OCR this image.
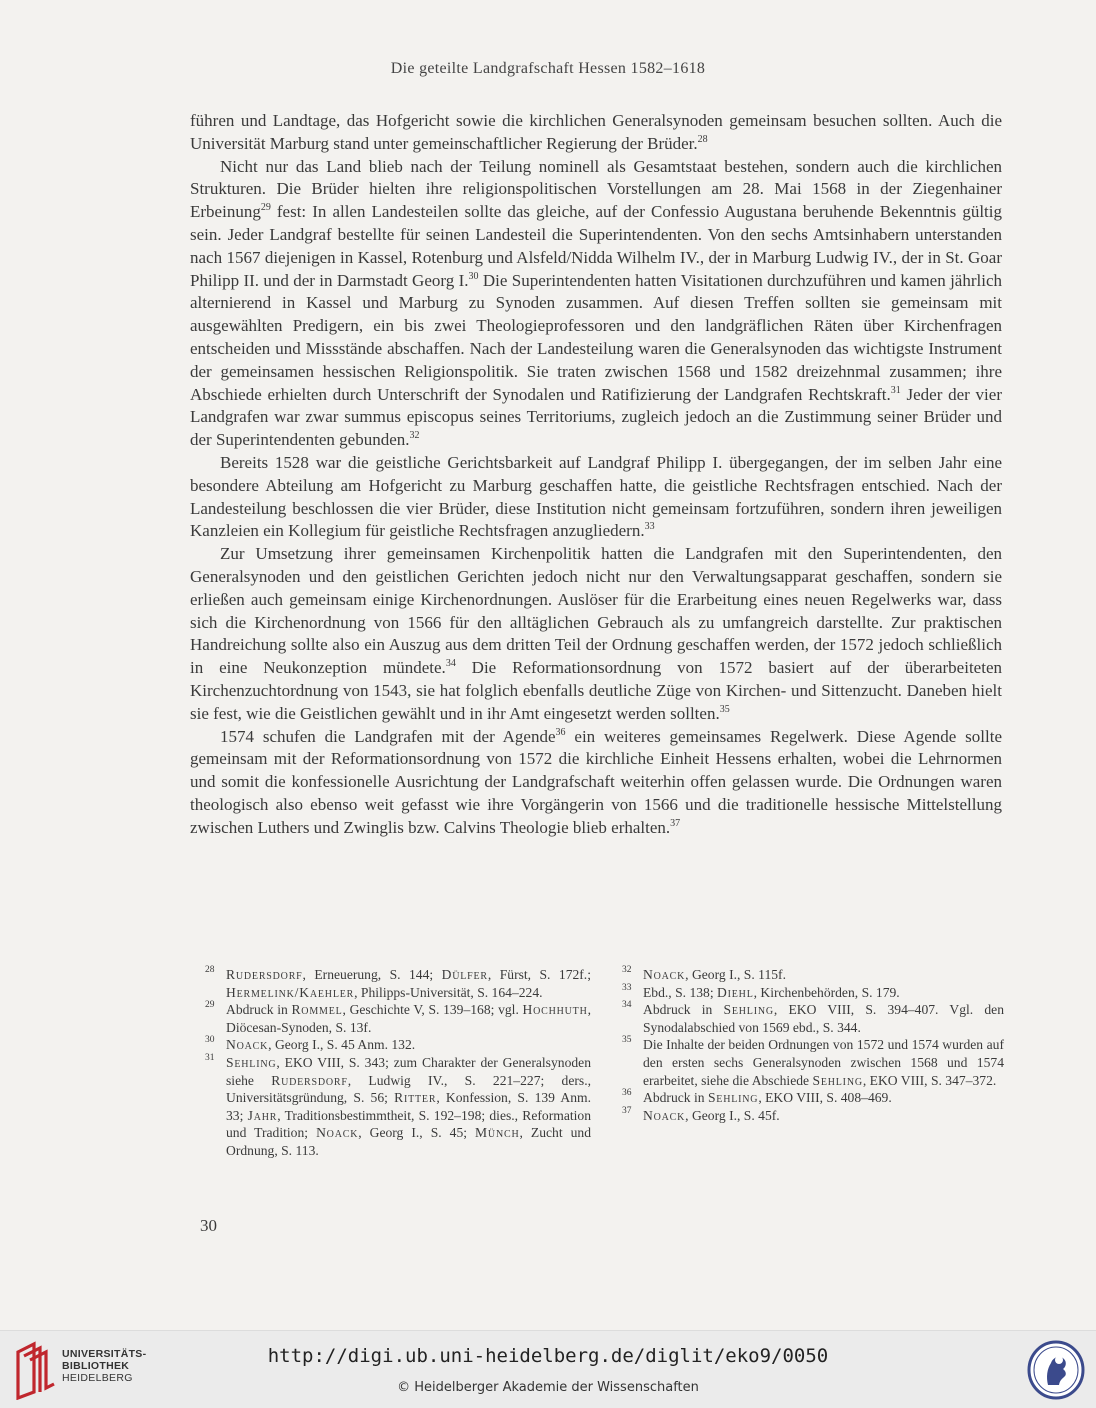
Die geteilte Landgrafschaft Hessen 1582–1618

führen und Landtage, das Hofgericht sowie die kirchlichen Generalsynoden gemeinsam besuchen sollten. Auch die Universität Marburg stand unter gemeinschaftlicher Regierung der Brüder.$^{28}$

Nicht nur das Land blieb nach der Teilung nominell als Gesamtstaat bestehen, sondern auch die kirchlichen Strukturen. Die Brüder hielten ihre religionspolitischen Vorstellungen am 28. Mai 1568 in der Ziegenhainer Erbeinung$^{29}$ fest: In allen Landesteilen sollte das gleiche, auf der Confessio Augustana beruhende Bekenntnis gültig sein. Jeder Landgraf bestellte für seinen Landesteil die Superintendenten. Von den sechs Amtsinhabern unterstanden nach 1567 diejenigen in Kassel, Rotenburg und Alsfeld/Nidda Wilhelm IV., der in Marburg Ludwig IV., der in St. Goar Philipp II. und der in Darmstadt Georg I.$^{30}$ Die Superintendenten hatten Visitationen durchzuführen und kamen jährlich alternierend in Kassel und Marburg zu Synoden zusammen. Auf diesen Treffen sollten sie gemeinsam mit ausgewählten Predigern, ein bis zwei Theologieprofessoren und den landgräflichen Räten über Kirchenfragen entscheiden und Missstände abschaffen. Nach der Landesteilung waren die Generalsynoden das wichtigste Instrument der gemeinsamen hessischen Religionspolitik. Sie traten zwischen 1568 und 1582 dreizehnmal zusammen; ihre Abschiede erhielten durch Unterschrift der Synodalen und Ratifizierung der Landgrafen Rechtskraft.$^{31}$ Jeder der vier Landgrafen war zwar summus episcopus seines Territoriums, zugleich jedoch an die Zustimmung seiner Brüder und der Superintendenten gebunden.$^{32}$

Bereits 1528 war die geistliche Gerichtsbarkeit auf Landgraf Philipp I. übergegangen, der im selben Jahr eine besondere Abteilung am Hofgericht zu Marburg geschaffen hatte, die geistliche Rechtsfragen entschied. Nach der Landesteilung beschlossen die vier Brüder, diese Institution nicht gemeinsam fortzuführen, sondern ihren jeweiligen Kanzleien ein Kollegium für geistliche Rechtsfragen anzugliedern.$^{33}$

Zur Umsetzung ihrer gemeinsamen Kirchenpolitik hatten die Landgrafen mit den Superintendenten, den Generalsynoden und den geistlichen Gerichten jedoch nicht nur den Verwaltungsapparat geschaffen, sondern sie erließen auch gemeinsam einige Kirchenordnungen. Auslöser für die Erarbeitung eines neuen Regelwerks war, dass sich die Kirchenordnung von 1566 für den alltäglichen Gebrauch als zu umfangreich darstellte. Zur praktischen Handreichung sollte also ein Auszug aus dem dritten Teil der Ordnung geschaffen werden, der 1572 jedoch schließlich in eine Neukonzeption mündete.$^{34}$ Die Reformationsordnung von 1572 basiert auf der überarbeiteten Kirchenzuchtordnung von 1543, sie hat folglich ebenfalls deutliche Züge von Kirchen- und Sittenzucht. Daneben hielt sie fest, wie die Geistlichen gewählt und in ihr Amt eingesetzt werden sollten.$^{35}$

1574 schufen die Landgrafen mit der Agende$^{36}$ ein weiteres gemeinsames Regelwerk. Diese Agende sollte gemeinsam mit der Reformationsordnung von 1572 die kirchliche Einheit Hessens erhalten, wobei die Lehrnormen und somit die konfessionelle Ausrichtung der Landgrafschaft weiterhin offen gelassen wurde. Die Ordnungen waren theologisch also ebenso weit gefasst wie ihre Vorgängerin von 1566 und die traditionelle hessische Mittelstellung zwischen Luthers und Zwinglis bzw. Calvins Theologie blieb erhalten.$^{37}$

28 Rudersdorf, Erneuerung, S. 144; Dülfer, Fürst, S. 172f.; Hermelink/Kaehler, Philipps-Universität, S. 164–224.
29 Abdruck in Rommel, Geschichte V, S. 139–168; vgl. Hochhuth, Diöcesan-Synoden, S. 13f.
30 Noack, Georg I., S. 45 Anm. 132.
31 Sehling, EKO VIII, S. 343; zum Charakter der Generalsynoden siehe Rudersdorf, Ludwig IV., S. 221–227; ders., Universitätsgründung, S. 56; Ritter, Konfession, S. 139 Anm. 33; Jahr, Traditionsbestimmtheit, S. 192–198; dies., Reformation und Tradition; Noack, Georg I., S. 45; Münch, Zucht und Ordnung, S. 113.
32 Noack, Georg I., S. 115f.
33 Ebd., S. 138; Diehl, Kirchenbehörden, S. 179.
34 Abdruck in Sehling, EKO VIII, S. 394–407. Vgl. den Synodalabschied von 1569 ebd., S. 344.
35 Die Inhalte der beiden Ordnungen von 1572 und 1574 wurden auf den ersten sechs Generalsynoden zwischen 1568 und 1574 erarbeitet, siehe die Abschiede Sehling, EKO VIII, S. 347–372.
36 Abdruck in Sehling, EKO VIII, S. 408–469.
37 Noack, Georg I., S. 45f.
30
UNIVERSITÄTS-
BIBLIOTHEK
HEIDELBERG
http://digi.ub.uni-heidelberg.de/diglit/eko9/0050
© Heidelberger Akademie der Wissenschaften
